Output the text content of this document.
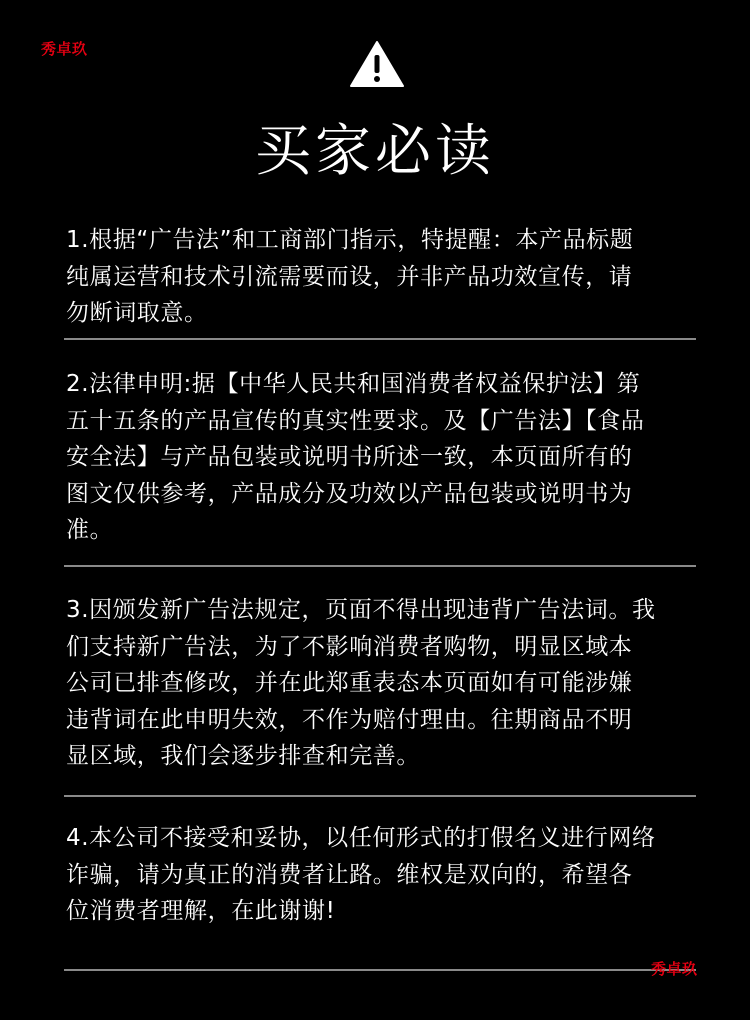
秀卓玖
买家必读
1.根据“广告法”和工商部门指示，特提醒：本产品标题
纯属运营和技术引流需要而设，并非产品功效宣传，请
勿断词取意。
2.法律申明:据【中华人民共和国消费者权益保护法】第
五十五条的产品宣传的真实性要求。及【广告法】【食品
安全法】与产品包装或说明书所述一致，本页面所有的
图文仅供参考，产品成分及功效以产品包装或说明书为
准。
3.因颁发新广告法规定，页面不得出现违背广告法词。我
们支持新广告法，为了不影响消费者购物，明显区域本
公司已排查修改，并在此郑重表态本页面如有可能涉嫌
违背词在此申明失效，不作为赔付理由。往期商品不明
显区域，我们会逐步排查和完善。
4.本公司不接受和妥协，以任何形式的打假名义进行网络
诈骗，请为真正的消费者让路。维权是双向的，希望各
位消费者理解，在此谢谢!
秀卓玖
